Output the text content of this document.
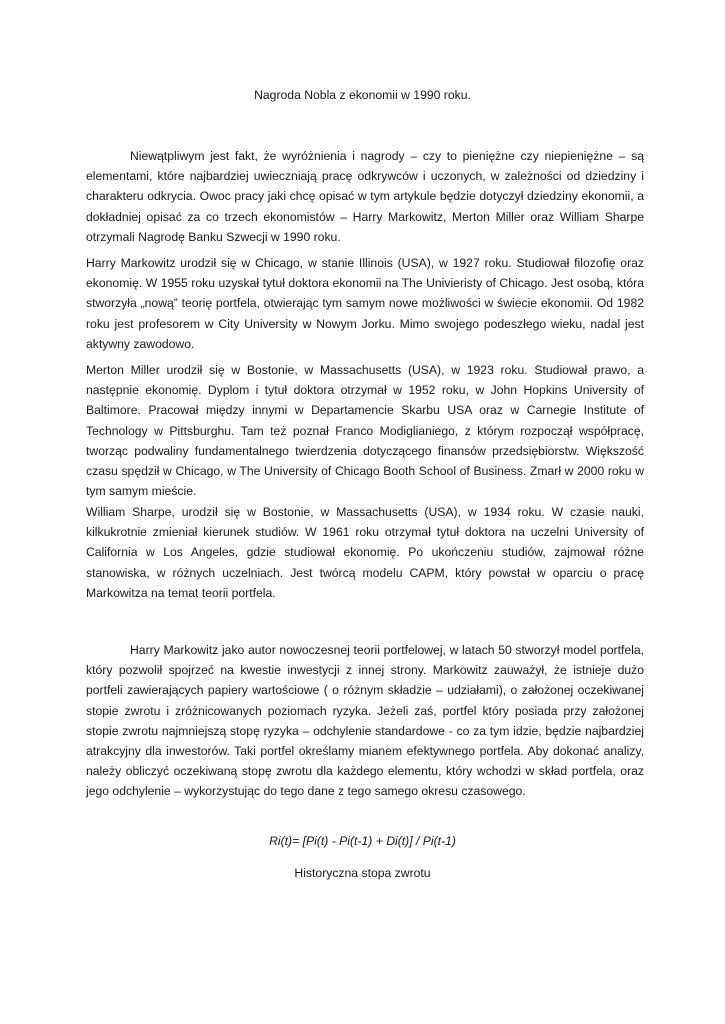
Nagroda Nobla z ekonomii w 1990 roku.

Niewątpliwym jest fakt, że wyróżnienia i nagrody – czy to pieniężne czy niepieniężne – są elementami, które najbardziej uwieczniają pracę odkrywców i uczonych, w zależności od dziedziny i charakteru odkrycia. Owoc pracy jaki chcę opisać w tym artykule będzie dotyczył dziedziny ekonomii, a dokładniej opisać za co trzech ekonomistów – Harry Markowitz, Merton Miller oraz William Sharpe otrzymali Nagrodę Banku Szwecji w 1990 roku.

Harry Markowitz urodził się w Chicago, w stanie Illinois (USA), w 1927 roku. Studiował filozofię oraz ekonomię. W 1955 roku uzyskał tytuł doktora ekonomii na The Univieristy of Chicago. Jest osobą, która stworzyła „nową” teorię portfela, otwierając tym samym nowe możliwości w świecie ekonomii. Od 1982 roku jest profesorem w City University w Nowym Jorku. Mimo swojego podeszłego wieku, nadal jest aktywny zawodowo.

Merton Miller urodził się w Bostonie, w Massachusetts (USA), w 1923 roku. Studiował prawo, a następnie ekonomię. Dyplom i tytuł doktora otrzymał w 1952 roku, w John Hopkins University of Baltimore. Pracował między innymi w Departamencie Skarbu USA oraz w Carnegie Institute of Technology w Pittsburghu. Tam też poznał Franco Modiglianiego, z którym rozpoczął współpracę, tworząc podwaliny fundamentalnego twierdzenia dotyczącego finansów przedsiębiorstw. Większość czasu spędził w Chicago, w The University of Chicago Booth School of Business. Zmarł w 2000 roku w tym samym mieście.

William Sharpe, urodził się w Bostonie, w Massachusetts (USA), w 1934 roku. W czasie nauki, kilkukrotnie zmieniał kierunek studiów. W 1961 roku otrzymał tytuł doktora na uczelni University of California w Los Angeles, gdzie studiował ekonomię. Po ukończeniu studiów, zajmował różne stanowiska, w różnych uczelniach. Jest twórcą modelu CAPM, który powstał w oparciu o pracę Markowitza na temat teorii portfela.

Harry Markowitz jako autor nowoczesnej teorii portfelowej, w latach 50 stworzył model portfela, który pozwolił spojrzeć na kwestie inwestycji z innej strony. Markowitz zauważył, że istnieje dużo portfeli zawierających papiery wartościowe ( o różnym składzie – udziałami), o założonej oczekiwanej stopie zwrotu i zróżnicowanych poziomach ryzyka. Jeżeli zaś, portfel który posiada przy założonej stopie zwrotu najmniejszą stopę ryzyka – odchylenie standardowe - co za tym idzie, będzie najbardziej atrakcyjny dla inwestorów. Taki portfel określamy mianem efektywnego portfela. Aby dokonać analizy, należy obliczyć oczekiwaną stopę zwrotu dla każdego elementu, który wchodzi w skład portfela, oraz jego odchylenie – wykorzystując do tego dane z tego samego okresu czasowego.

Ri(t)= [Pi(t) - Pi(t-1) + Di(t)] / Pi(t-1)

Historyczna stopa zwrotu
